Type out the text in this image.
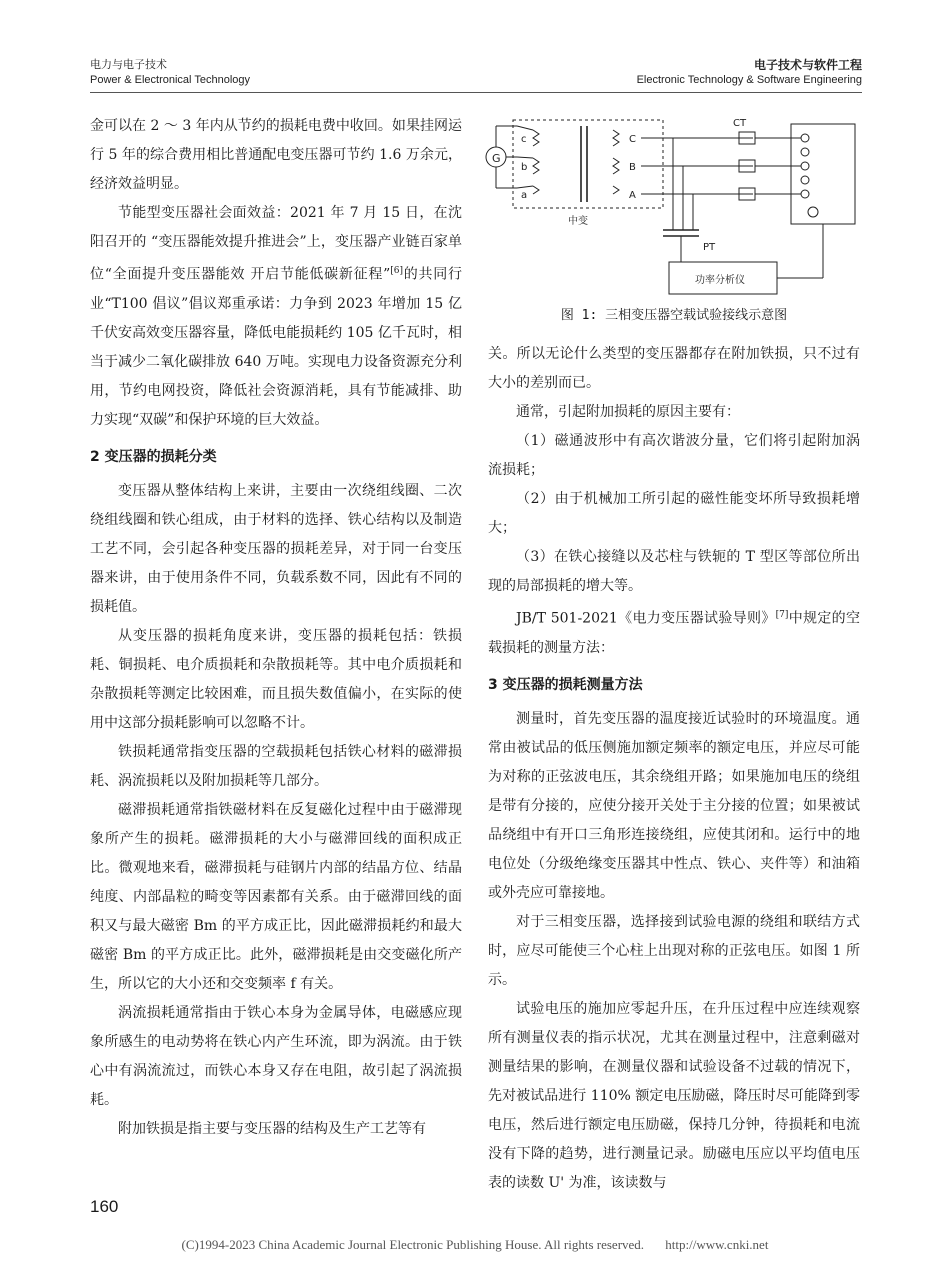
电力与电子技术
Power & Electronical Technology
电子技术与软件工程
Electronic Technology & Software Engineering

金可以在 2 ～ 3 年内从节约的损耗电费中收回。如果挂网运行 5 年的综合费用相比普通配电变压器可节约 1.6 万余元，经济效益明显。

节能型变压器社会面效益：2021 年 7 月 15 日，在沈阳召开的 “变压器能效提升推进会”上，变压器产业链百家单位“全面提升变压器能效 开启节能低碳新征程”[6]的共同行业“T100 倡议”倡议郑重承诺：力争到 2023 年增加 15 亿千伏安高效变压器容量，降低电能损耗约 105 亿千瓦时，相当于减少二氧化碳排放 640 万吨。实现电力设备资源充分利用，节约电网投资，降低社会资源消耗，具有节能减排、助力实现“双碳”和保护环境的巨大效益。

2 变压器的损耗分类

变压器从整体结构上来讲，主要由一次绕组线圈、二次绕组线圈和铁心组成，由于材料的选择、铁心结构以及制造工艺不同，会引起各种变压器的损耗差异，对于同一台变压器来讲，由于使用条件不同，负载系数不同，因此有不同的损耗值。

从变压器的损耗角度来讲，变压器的损耗包括：铁损耗、铜损耗、电介质损耗和杂散损耗等。其中电介质损耗和杂散损耗等测定比较困难，而且损失数值偏小，在实际的使用中这部分损耗影响可以忽略不计。

铁损耗通常指变压器的空载损耗包括铁心材料的磁滞损耗、涡流损耗以及附加损耗等几部分。

磁滞损耗通常指铁磁材料在反复磁化过程中由于磁滞现象所产生的损耗。磁滞损耗的大小与磁滞回线的面积成正比。微观地来看，磁滞损耗与硅钢片内部的结晶方位、结晶纯度、内部晶粒的畸变等因素都有关系。由于磁滞回线的面积又与最大磁密 Bm 的平方成正比，因此磁滞损耗约和最大磁密 Bm 的平方成正比。此外，磁滞损耗是由交变磁化所产生，所以它的大小还和交变频率 f 有关。

涡流损耗通常指由于铁心本身为金属导体，电磁感应现象所感生的电动势将在铁心内产生环流，即为涡流。由于铁心中有涡流流过，而铁心本身又存在电阻，故引起了涡流损耗。

附加铁损是指主要与变压器的结构及生产工艺等有

G
c
b
a
C
B
A
中变
CT
PT
功率分析仪
图 1: 三相变压器空载试验接线示意图

关。所以无论什么类型的变压器都存在附加铁损，只不过有大小的差别而已。

通常，引起附加损耗的原因主要有：

（1）磁通波形中有高次谐波分量，它们将引起附加涡流损耗；

（2）由于机械加工所引起的磁性能变坏所导致损耗增大；

（3）在铁心接缝以及芯柱与铁轭的 T 型区等部位所出现的局部损耗的增大等。

JB/T 501-2021《电力变压器试验导则》[7]中规定的空载损耗的测量方法：

3 变压器的损耗测量方法

测量时，首先变压器的温度接近试验时的环境温度。通常由被试品的低压侧施加额定频率的额定电压，并应尽可能为对称的正弦波电压，其余绕组开路；如果施加电压的绕组是带有分接的，应使分接开关处于主分接的位置；如果被试品绕组中有开口三角形连接绕组，应使其闭和。运行中的地电位处（分级绝缘变压器其中性点、铁心、夹件等）和油箱或外壳应可靠接地。

对于三相变压器，选择接到试验电源的绕组和联结方式时，应尽可能使三个心柱上出现对称的正弦电压。如图 1 所示。

试验电压的施加应零起升压，在升压过程中应连续观察所有测量仪表的指示状况，尤其在测量过程中，注意剩磁对测量结果的影响，在测量仪器和试验设备不过载的情况下，先对被试品进行 110% 额定电压励磁，降压时尽可能降到零电压，然后进行额定电压励磁，保持几分钟，待损耗和电流没有下降的趋势，进行测量记录。励磁电压应以平均值电压表的读数 U' 为准，该读数与

160
(C)1994-2023 China Academic Journal Electronic Publishing House. All rights reserved. http://www.cnki.net
